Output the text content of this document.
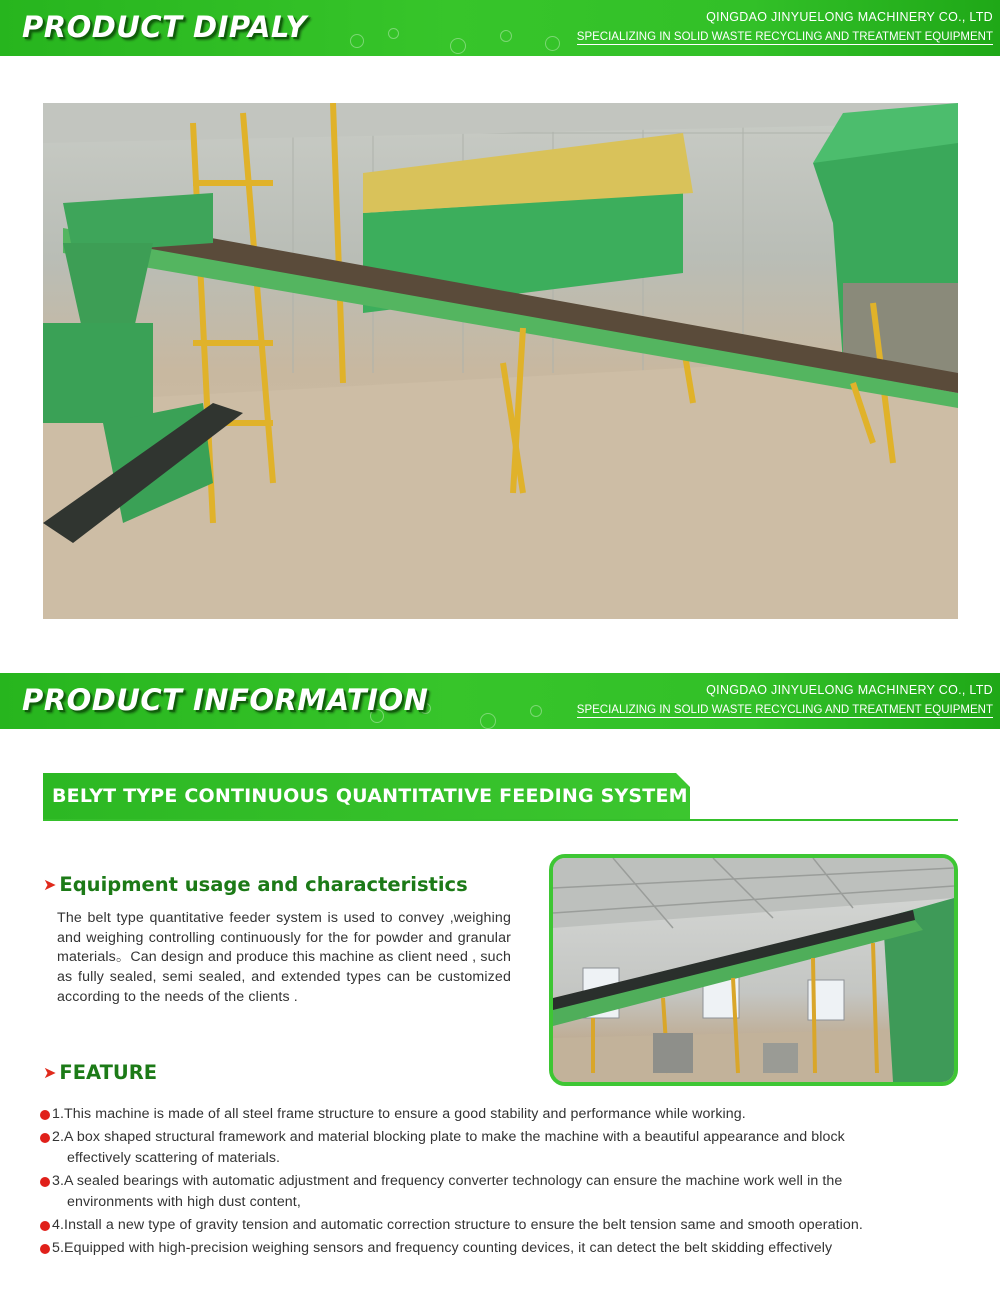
PRODUCT DIPALY	QINGDAO JINYUELONG MACHINERY CO., LTD
SPECIALIZING IN SOLID WASTE RECYCLING AND TREATMENT EQUIPMENT
PRODUCT INFORMATION	QINGDAO JINYUELONG MACHINERY CO., LTD
SPECIALIZING IN SOLID WASTE RECYCLING AND TREATMENT EQUIPMENT
BELYT TYPE CONTINUOUS QUANTITATIVE FEEDING SYSTEM
➤ Equipment usage and characteristics
The belt type quantitative feeder system is used to convey ,weighing and weighing controlling continuously for the for powder and granular materials。Can design and produce this machine as client need , such as fully sealed, semi sealed, and extended types can be customized according to the needs of the clients .
➤ FEATURE
1.This machine is made of all steel frame structure to ensure a good stability and performance while working.
2.A box shaped structural framework and material blocking plate to make the machine with a beautiful appearance and block
effectively scattering of materials.
3.A sealed bearings with automatic adjustment and frequency converter technology can ensure the machine work well in the
environments with high dust content,
4.Install a new type of gravity tension and automatic correction structure to ensure the belt tension same and smooth operation.
5.Equipped with high-precision weighing sensors and frequency counting devices, it can detect the belt skidding effectively
